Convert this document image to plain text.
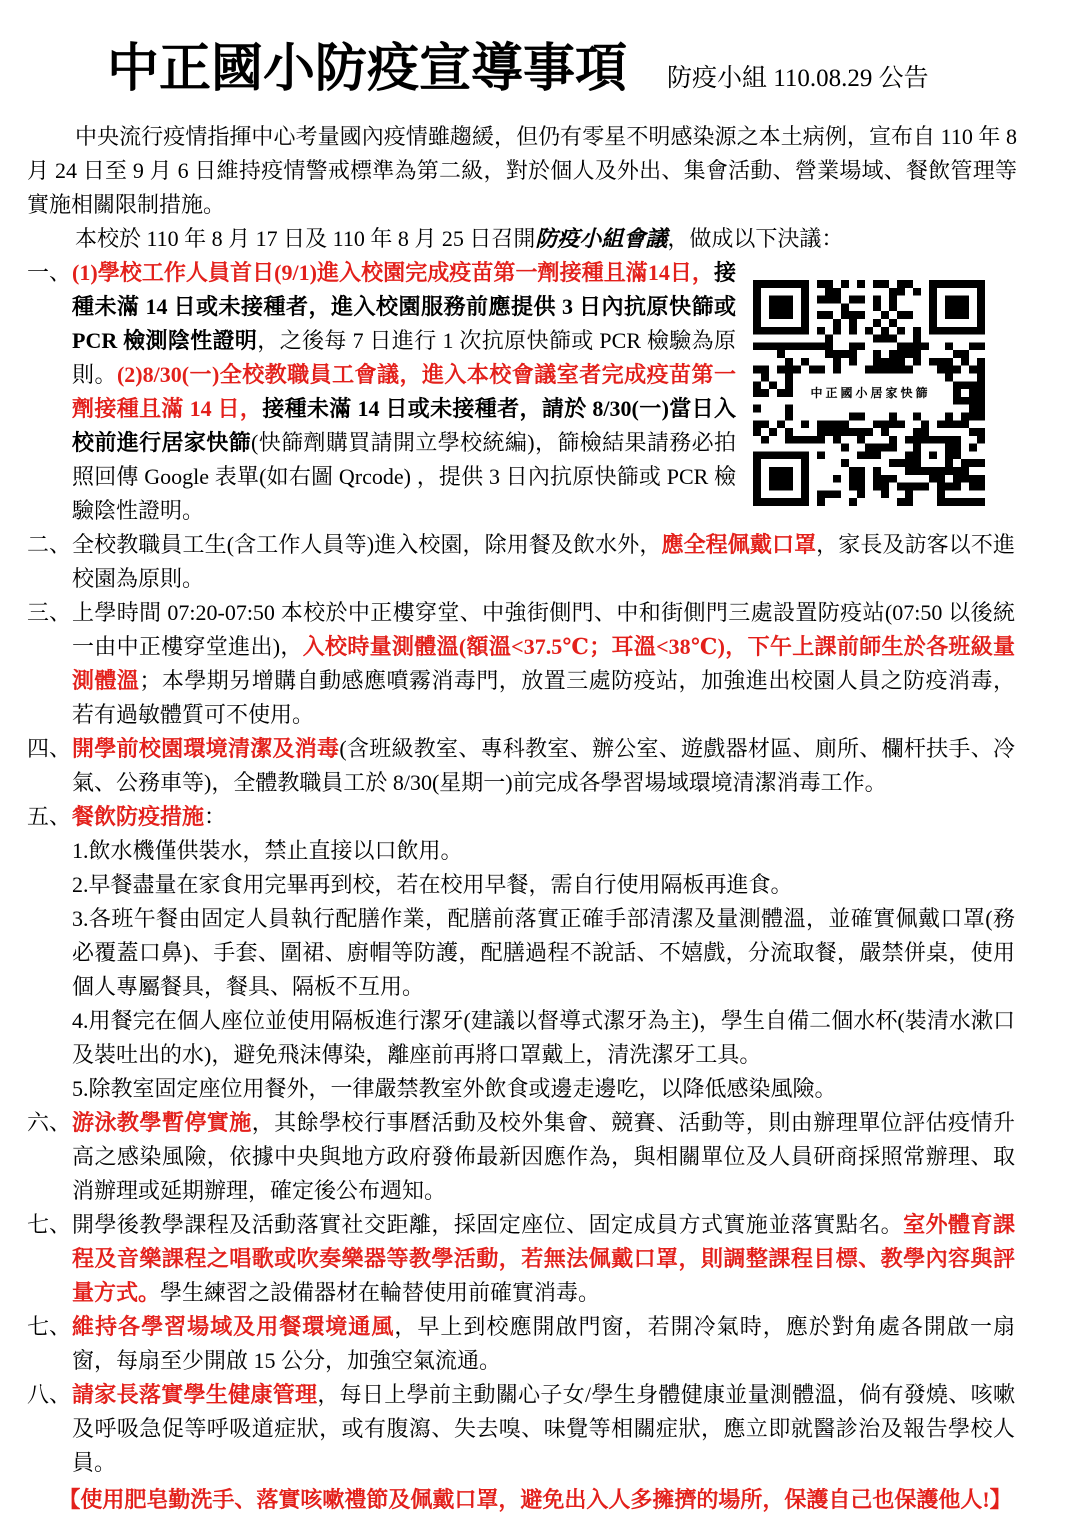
中正國小防疫宣導事項 防疫小組 110.08.29 公告
中央流行疫情指揮中心考量國內疫情雖趨緩，但仍有零星不明感染源之本土病例，宣布自 110 年 8 月 24 日至 9 月 6 日維持疫情警戒標準為第二級，對於個人及外出、集會活動、營業場域、餐飲管理等實施相關限制措施。
本校於 110 年 8 月 17 日及 110 年 8 月 25 日召開防疫小組會議，做成以下決議：
一、
中正國小居家快篩
(1)學校工作人員首日(9/1)進入校園完成疫苗第一劑接種且滿14日，接種未滿 14 日或未接種者，進入校園服務前應提供 3 日內抗原快篩或 PCR 檢測陰性證明，之後每 7 日進行 1 次抗原快篩或 PCR 檢驗為原則。(2)8/30(一)全校教職員工會議，進入本校會議室者完成疫苗第一劑接種且滿 14 日，接種未滿 14 日或未接種者，請於 8/30(一)當日入校前進行居家快篩(快篩劑購買請開立學校統編)，篩檢結果請務必拍照回傳 Google 表單(如右圖 Qrcode) ，提供 3 日內抗原快篩或 PCR 檢驗陰性證明。
二、 全校教職員工生(含工作人員等)進入校園，除用餐及飲水外，應全程佩戴口罩，家長及訪客以不進校園為原則。
三、 上學時間 07:20-07:50 本校於中正樓穿堂、中強街側門、中和街側門三處設置防疫站(07:50 以後統一由中正樓穿堂進出)，入校時量測體溫(額溫<37.5℃；耳溫<38℃)，下午上課前師生於各班級量測體溫；本學期另增購自動感應噴霧消毒門，放置三處防疫站，加強進出校園人員之防疫消毒，若有過敏體質可不使用。
四、 開學前校園環境清潔及消毒(含班級教室、專科教室、辦公室、遊戲器材區、廁所、欄杆扶手、冷氣、公務車等)，全體教職員工於 8/30(星期一)前完成各學習場域環境清潔消毒工作。
五、 餐飲防疫措施：
1.飲水機僅供裝水，禁止直接以口飲用。
2.早餐盡量在家食用完畢再到校，若在校用早餐，需自行使用隔板再進食。
3.各班午餐由固定人員執行配膳作業，配膳前落實正確手部清潔及量測體溫，並確實佩戴口罩(務必覆蓋口鼻)、手套、圍裙、廚帽等防護，配膳過程不說話、不嬉戲，分流取餐，嚴禁併桌，使用個人專屬餐具，餐具、隔板不互用。
4.用餐完在個人座位並使用隔板進行潔牙(建議以督導式潔牙為主)，學生自備二個水杯(裝清水漱口及裝吐出的水)，避免飛沫傳染，離座前再將口罩戴上，清洗潔牙工具。
5.除教室固定座位用餐外，一律嚴禁教室外飲食或邊走邊吃，以降低感染風險。
六、 游泳教學暫停實施，其餘學校行事曆活動及校外集會、競賽、活動等，則由辦理單位評估疫情升高之感染風險，依據中央與地方政府發佈最新因應作為，與相關單位及人員研商採照常辦理、取消辦理或延期辦理，確定後公布週知。
七、 開學後教學課程及活動落實社交距離，採固定座位、固定成員方式實施並落實點名。室外體育課程及音樂課程之唱歌或吹奏樂器等教學活動，若無法佩戴口罩，則調整課程目標、教學內容與評量方式。學生練習之設備器材在輪替使用前確實消毒。
七、 維持各學習場域及用餐環境通風，早上到校應開啟門窗，若開冷氣時，應於對角處各開啟一扇窗，每扇至少開啟 15 公分，加強空氣流通。
八、 請家長落實學生健康管理，每日上學前主動關心子女/學生身體健康並量測體溫，倘有發燒、咳嗽及呼吸急促等呼吸道症狀，或有腹瀉、失去嗅、味覺等相關症狀，應立即就醫診治及報告學校人員。
【使用肥皂勤洗手、落實咳嗽禮節及佩戴口罩，避免出入人多擁擠的場所，保護自己也保護他人!】
